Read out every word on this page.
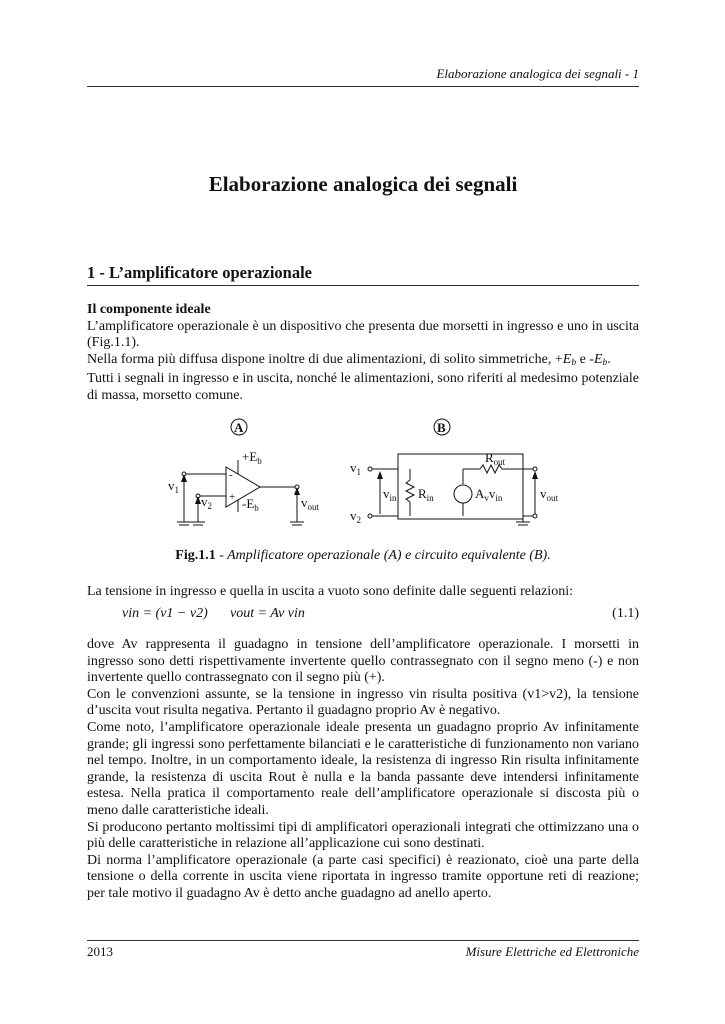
Elaborazione analogica dei segnali - 1
Elaborazione analogica dei segnali
1 - L’amplificatore operazionale

Il componente ideale

L’amplificatore operazionale è un dispositivo che presenta due morsetti in ingresso e uno in uscita (Fig.1.1).

Nella forma più diffusa dispone inoltre di due alimentazioni, di solito simmetriche, $+E_b$ e $-E_b$.

Tutti i segnali in ingresso e in uscita, nonché le alimentazioni, sono riferiti al medesimo potenziale di massa, morsetto comune.

A	B
-
+
$+E_b$
$-E_b$
$v_1$
$v_2$	$v_{out}$
$v_1$
$v_2$
$v_{in}$ $R_{in}$
$R_{out}$
$A_vv_{in}$	$v_{out}$
Fig.1.1 - Amplificatore operazionale (A) e circuito equivalente (B).
La tensione in ingresso e quella in uscita a vuoto sono definite dalle seguenti relazioni:
vin = (v1 − v2) vout = Av vin	(1.1)

dove Av rappresenta il guadagno in tensione dell’amplificatore operazionale. I morsetti in ingresso sono detti rispettivamente invertente quello contrassegnato con il segno meno (-) e non invertente quello contrassegnato con il segno più (+).

Con le convenzioni assunte, se la tensione in ingresso vin risulta positiva (v1>v2), la tensione d’uscita vout risulta negativa. Pertanto il guadagno proprio Av è negativo.

Come noto, l’amplificatore operazionale ideale presenta un guadagno proprio Av infinitamente grande; gli ingressi sono perfettamente bilanciati e le caratteristiche di funzionamento non variano nel tempo. Inoltre, in un comportamento ideale, la resistenza di ingresso Rin risulta infinitamente grande, la resistenza di uscita Rout è nulla e la banda passante deve intendersi infinitamente estesa. Nella pratica il comportamento reale dell’amplificatore operazionale si discosta più o meno dalle caratteristiche ideali.

Si producono pertanto moltissimi tipi di amplificatori operazionali integrati che ottimizzano una o più delle caratteristiche in relazione all’applicazione cui sono destinati.

Di norma l’amplificatore operazionale (a parte casi specifici) è reazionato, cioè una parte della tensione o della corrente in uscita viene riportata in ingresso tramite opportune reti di reazione; per tale motivo il guadagno Av è detto anche guadagno ad anello aperto.

2013	Misure Elettriche ed Elettroniche
